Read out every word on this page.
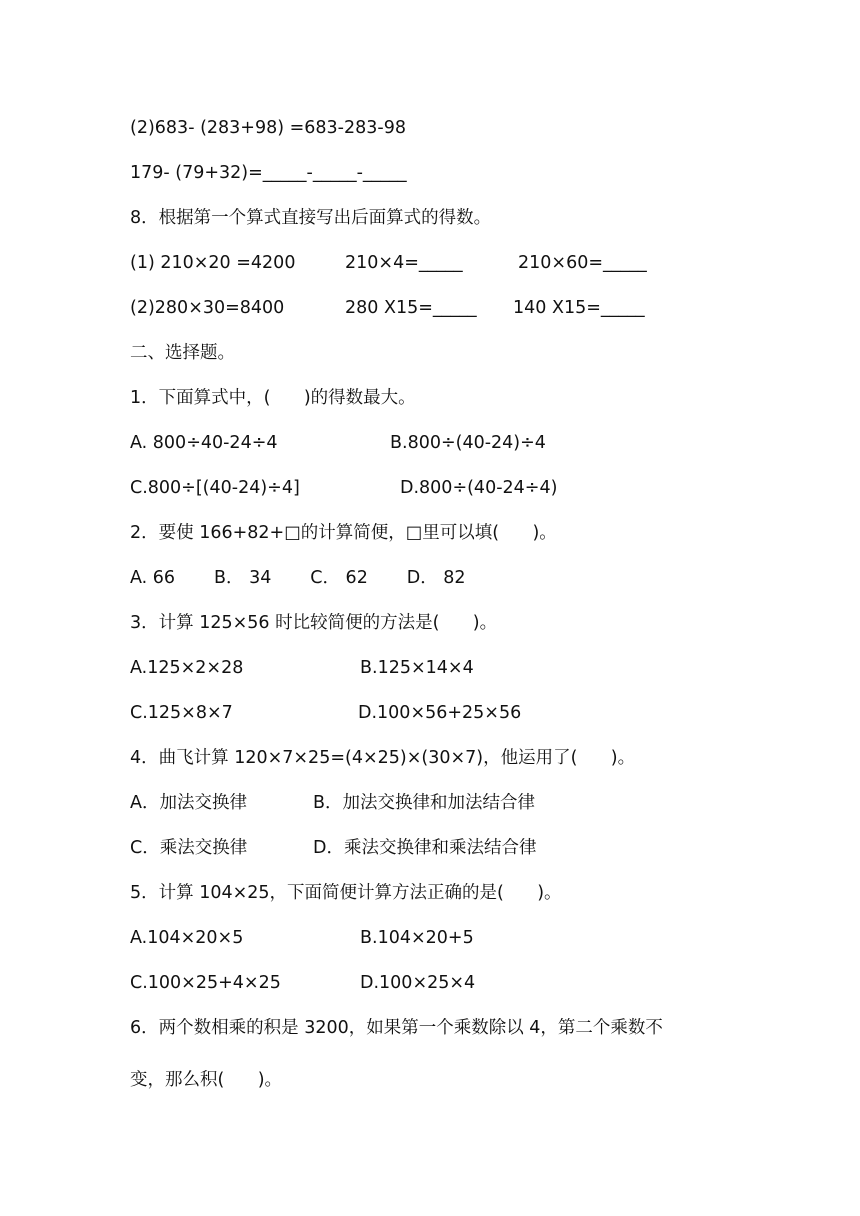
(2)683- (283+98) =683-283-98
179- (79+32)=_____-_____-_____
8．根据第一个算式直接写出后面算式的得数。
(1) 210×20 =4200	210×4=_____	210×60=_____
(2)280×30=8400	280 X15=_____ 140 X15=_____
二、选择题。
1．下面算式中，(      )的得数最大。
A. 800÷40-24÷4	B.800÷(40-24)÷4
C.800÷[(40-24)÷4]	D.800÷(40-24÷4)
2．要使 166+82+□的计算简便，□里可以填(      )。
A. 66       B． 34       C． 62       D． 82
3．计算 125×56 时比较简便的方法是(      )。
A.125×2×28	B.125×14×4
C.125×8×7	D.100×56+25×56
4．曲飞计算 120×7×25=(4×25)×(30×7)，他运用了(      )。
A．加法交换律	B．加法交换律和加法结合律
C．乘法交换律	D．乘法交换律和乘法结合律
5．计算 104×25，下面简便计算方法正确的是(      )。
A.104×20×5	B.104×20+5
C.100×25+4×25	D.100×25×4
6．两个数相乘的积是 3200，如果第一个乘数除以 4，第二个乘数不
变，那么积(      )。
